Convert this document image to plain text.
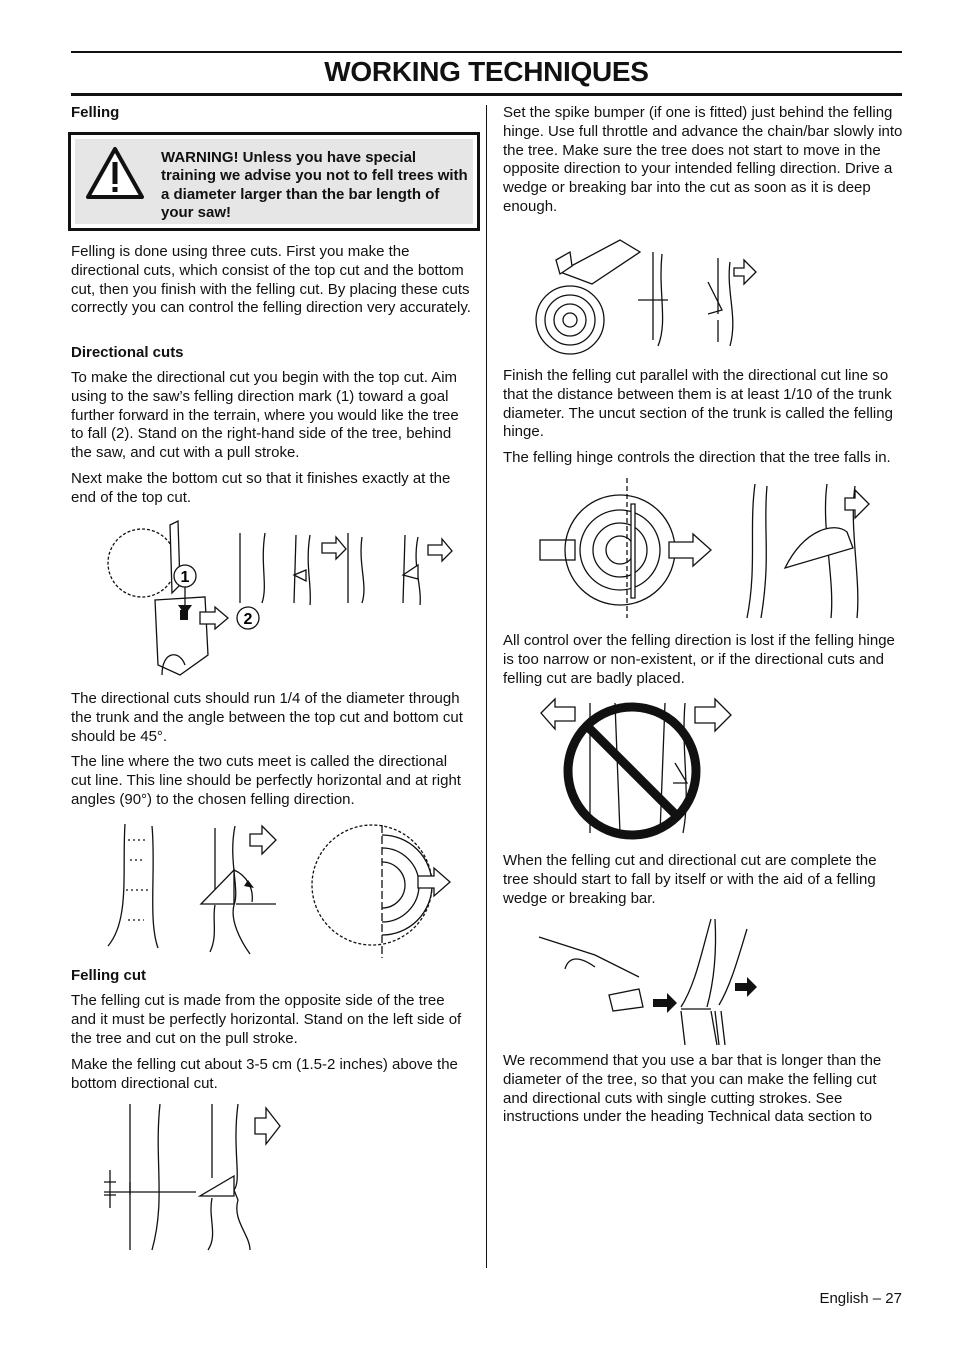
WORKING TECHNIQUES
Felling
WARNING! Unless you have special training we advise you not to fell trees with a diameter larger than the bar length of your saw!

Felling is done using three cuts. First you make the directional cuts, which consist of the top cut and the bottom cut, then you finish with the felling cut. By placing these cuts correctly you can control the felling direction very accurately.

Directional cuts

To make the directional cut you begin with the top cut. Aim using to the saw’s felling direction mark (1) toward a goal further forward in the terrain, where you would like the tree to fall (2). Stand on the right-hand side of the tree, behind the saw, and cut with a pull stroke.

Next make the bottom cut so that it finishes exactly at the end of the top cut.

1
2

The directional cuts should run 1/4 of the diameter through the trunk and the angle between the top cut and bottom cut should be 45°.

The line where the two cuts meet is called the directional cut line. This line should be perfectly horizontal and at right angles (90°) to the chosen felling direction.

Felling cut

The felling cut is made from the opposite side of the tree and it must be perfectly horizontal. Stand on the left side of the tree and cut on the pull stroke.

Make the felling cut about 3-5 cm (1.5-2 inches) above the bottom directional cut.

Set the spike bumper (if one is fitted) just behind the felling hinge. Use full throttle and advance the chain/bar slowly into the tree. Make sure the tree does not start to move in the opposite direction to your intended felling direction. Drive a wedge or breaking bar into the cut as soon as it is deep enough.

Finish the felling cut parallel with the directional cut line so that the distance between them is at least 1/10 of the trunk diameter. The uncut section of the trunk is called the felling hinge.

The felling hinge controls the direction that the tree falls in.

All control over the felling direction is lost if the felling hinge is too narrow or non-existent, or if the directional cuts and felling cut are badly placed.

When the felling cut and directional cut are complete the tree should start to fall by itself or with the aid of a felling wedge or breaking bar.

We recommend that you use a bar that is longer than the diameter of the tree, so that you can make the felling cut and directional cuts with single cutting strokes. See instructions under the heading Technical data section to

English – 27
